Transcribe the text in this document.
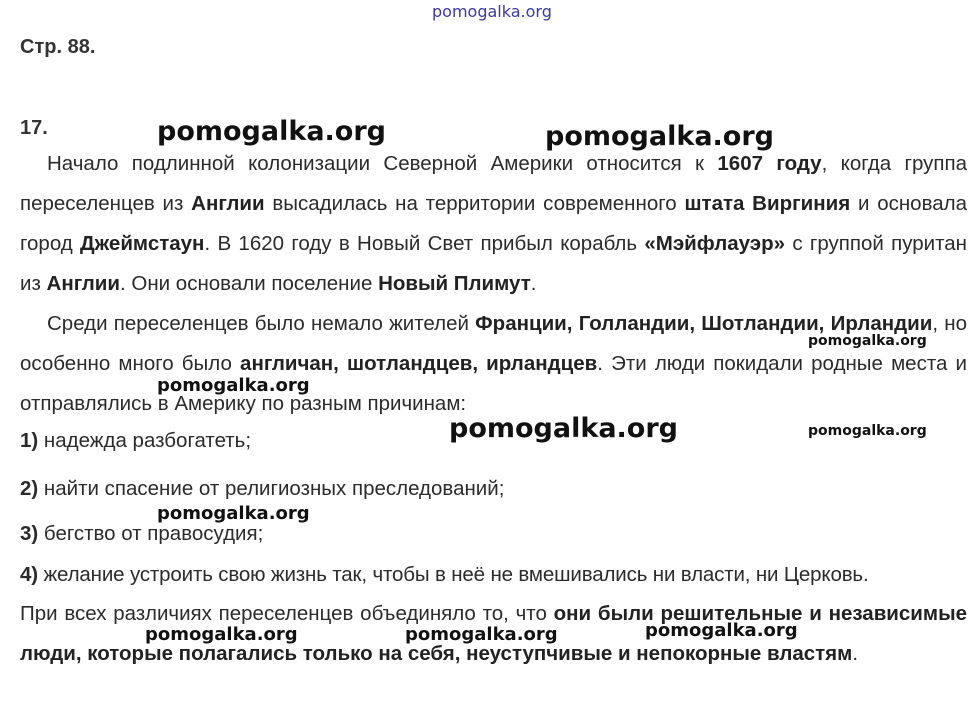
pomogalka.org
Стр. 88.
17.

Начало подлинной колонизации Северной Америки относится к 1607 году, когда группа переселенцев из Англии высадилась на территории современного штата Виргиния и основала город Джеймстаун. В 1620 году в Новый Свет прибыл корабль «Мэйфлауэр» с группой пуритан из Англии. Они основали поселение Новый Плимут.

Среди переселенцев было немало жителей Франции, Голландии, Шотландии, Ирландии, но особенно много было англичан, шотландцев, ирландцев. Эти люди покидали родные места и отправлялись в Америку по разным причинам:

1) надежда разбогатеть;

2) найти спасение от религиозных преследований;

3) бегство от правосудия;

4) желание устроить свою жизнь так, чтобы в неё не вмешивались ни власти, ни Церковь.

При всех различиях переселенцев объединяло то, что они были решительные и независимые люди, которые полагались только на себя, неуступчивые и непокорные властям.

pomogalka.org	pomogalka.org
pomogalka.org
pomogalka.org
pomogalka.org
pomogalka.org	pomogalka.org	pomogalka.org
pomogalka.org
pomogalka.org
